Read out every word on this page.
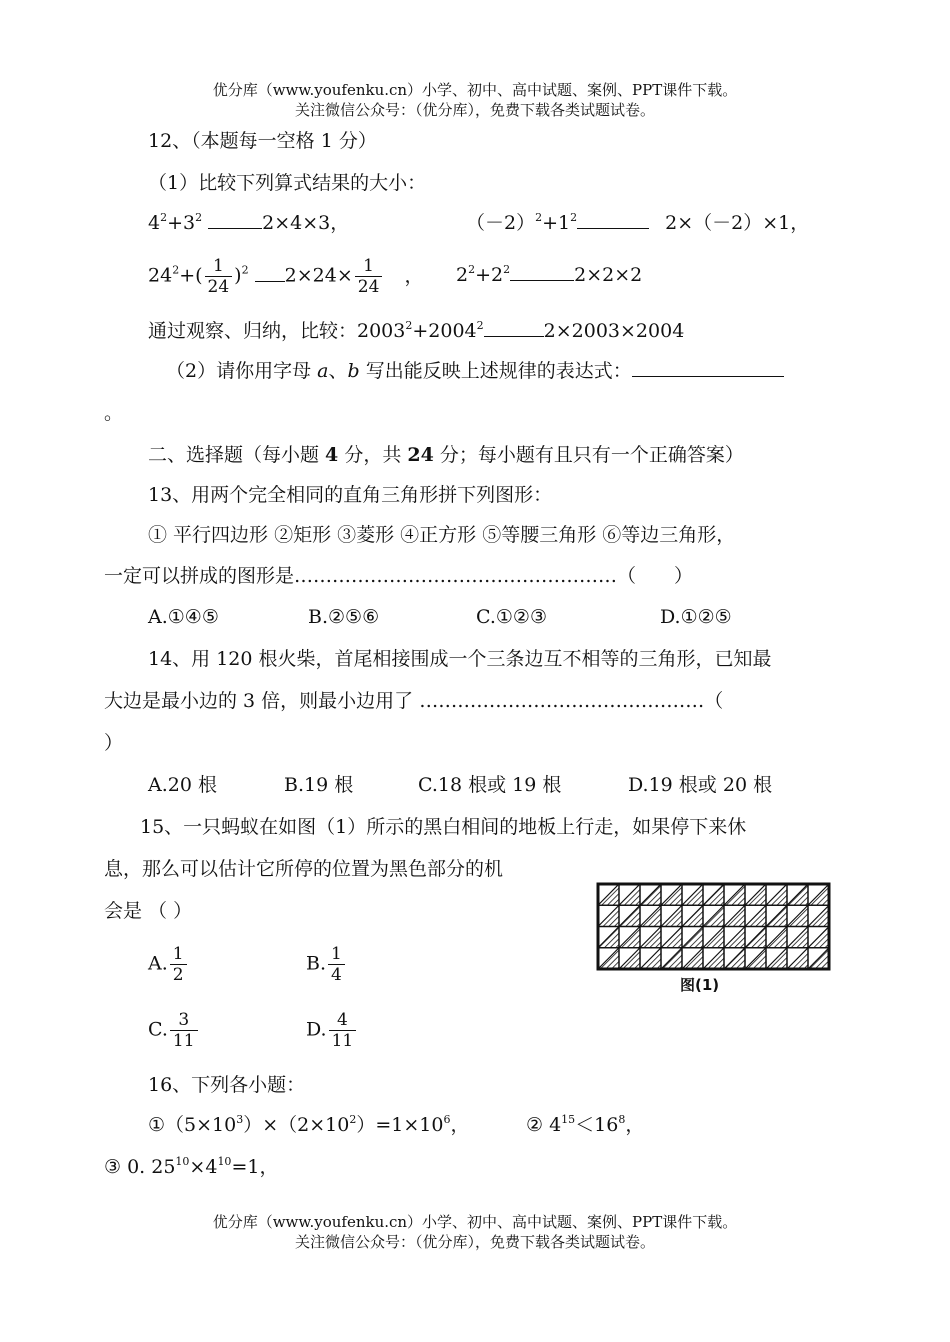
优分库（www.youfenku.cn）小学、初中、高中试题、案例、PPT课件下载。
关注微信公众号：（优分库），免费下载各类试题试卷。
12、（本题每一空格 1 分）
（1）比较下列算式结果的大小：
$4^2+3^2$	2×4×3，	$(-2)^2+1^2$	2×（－2）×1，
$24^2+( \frac{1}{24} )^2$ $2\times 24\times \frac{1}{24}$ ， $2^2+2^2$	2×2×2
通过观察、归纳，比较：$2003^2+2004^2$	2×2003×2004
（2）请你用字母 a、b 写出能反映上述规律的表达式：
。
二、选择题（每小题 4 分，共 24 分；每小题有且只有一个正确答案）
13、用两个完全相同的直角三角形拼下列图形：
① 平行四边形 ②矩形 ③菱形 ④正方形 ⑤等腰三角形 ⑥等边三角形，
一定可以拼成的图形是……………………………………………（　　）
A.①④⑤	B.②⑤⑥	C.①②③	D.①②⑤
14、用 120 根火柴，首尾相接围成一个三条边互不相等的三角形，已知最
大边是最小边的 3 倍，则最小边用了 ………………………………………（
）
A.20 根	B.19 根	C.18 根或 19 根	D.19 根或 20 根
15、一只蚂蚁在如图（1）所示的黑白相间的地板上行走，如果停下来休
息，那么可以估计它所停的位置为黑色部分的机
会是 （ ）
A. $\frac{1}{2}$	B. $\frac{1}{4}$
C. $\frac{3}{11}$	D. $\frac{4}{11}$
图(1)
16、下列各小题：
$①(5\times 10^3)\times(2\times 10^2)=1\times 10^6$，	② $4^{15}<16^8$，
③ 0. $25^{10}\times 4^{10}=1$，
优分库（www.youfenku.cn）小学、初中、高中试题、案例、PPT课件下载。
关注微信公众号：（优分库），免费下载各类试题试卷。
